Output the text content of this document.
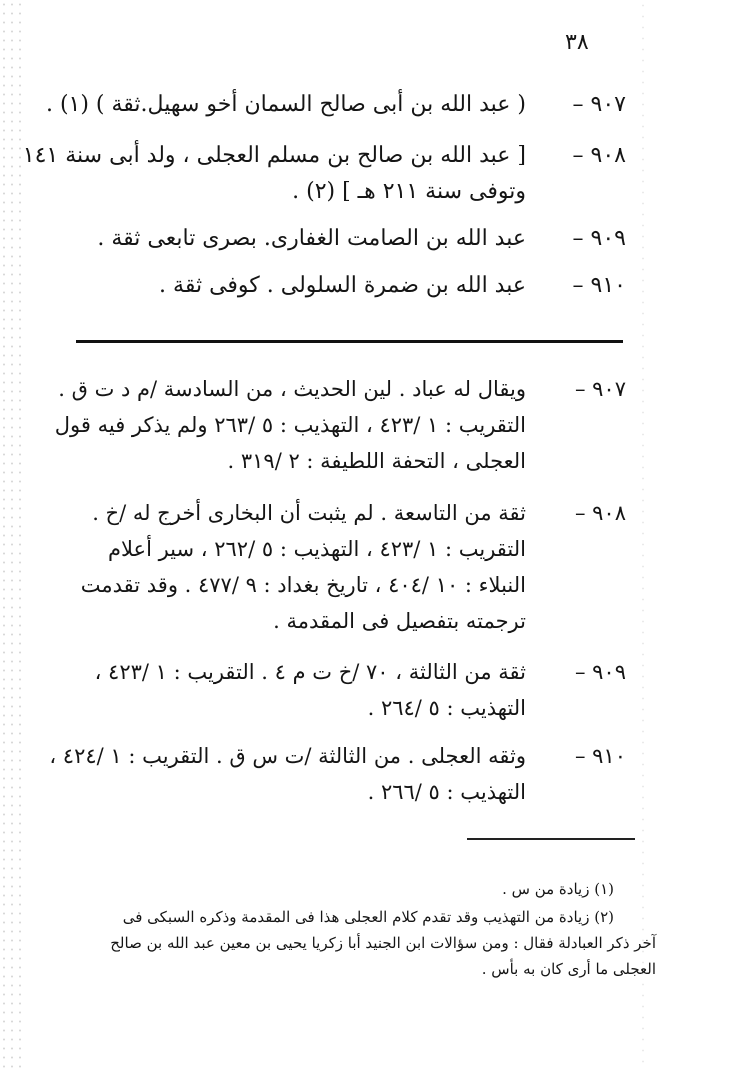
٣٨
٩٠٧ –
( عبد الله بن أبى صالح السمان أخو سهيل.ثقة ) (١) .
٩٠٨ –
[ عبد الله بن صالح بن مسلم العجلى ، ولد أبى سنة ١٤١
وتوفى سنة ٢١١ هـ ] (٢) .
٩٠٩ –
عبد الله بن الصامت الغفارى. بصرى تابعى ثقة .
٩١٠ –
عبد الله بن ضمرة السلولى . كوفى ثقة .
٩٠٧ –
ويقال له عباد . لين الحديث ، من السادسة /م د ت ق .
التقريب : ١ /٤٢٣ ، التهذيب : ٥ /٢٦٣ ولم يذكر فيه قول
العجلى ، التحفة اللطيفة : ٢ /٣١٩ .
٩٠٨ –
ثقة من التاسعة . لم يثبت أن البخارى أخرج له /خ .
التقريب : ١ /٤٢٣ ، التهذيب : ٥ /٢٦٢ ، سير أعلام
النبلاء : ١٠ /٤٠٤ ، تاريخ بغداد : ٩ /٤٧٧ . وقد تقدمت
ترجمته بتفصيل فى المقدمة .
٩٠٩ –
ثقة من الثالثة ، ٧٠ /خ ت م ٤ . التقريب : ١ /٤٢٣ ،
التهذيب : ٥ /٢٦٤ .
٩١٠ –
وثقه العجلى . من الثالثة /ت س ق . التقريب : ١ /٤٢٤ ،
التهذيب : ٥ /٢٦٦ .
(١) زيادة من س .
(٢) زيادة من التهذيب وقد تقدم كلام العجلى هذا فى المقدمة وذكره السبكى فى
آخر ذكر العبادلة فقال : ومن سؤالات ابن الجنيد أبا زكريا يحيى بن معين عبد الله بن صالح
العجلى ما أرى كان به بأس .
